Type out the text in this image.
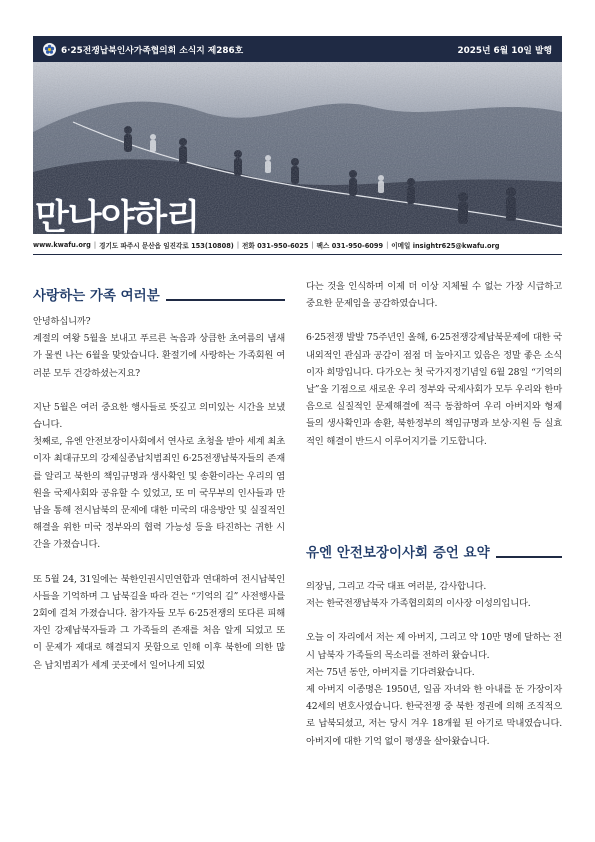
6·25전쟁납북인사가족협의회 소식지 제286호	2025년 6월 10일 발행
만나야하리
www.kwafu.org | 경기도 파주시 문산읍 임진각로 153(10808) | 전화 031-950-6025 | 팩스 031-950-6099 | 이메일 insightr625@kwafu.org
사랑하는 가족 여러분

안녕하십니까?

계절의 여왕 5월을 보내고 푸르른 녹음과 상큼한 초여름의 냄새가 물씬 나는 6월을 맞았습니다. 환절기에 사랑하는 가족회원 여러분 모두 건강하셨는지요?

지난 5월은 여러 중요한 행사들로 뜻깊고 의미있는 시간을 보냈습니다.

첫째로, 유엔 안전보장이사회에서 연사로 초청을 받아 세계 최초이자 최대규모의 강제실종납치범죄인 6·25전쟁납북자들의 존재를 알리고 북한의 책임규명과 생사확인 및 송환이라는 우리의 염원을 국제사회와 공유할 수 있었고, 또 미 국무부의 인사들과 만남을 통해 전시납북의 문제에 대한 미국의 대응방안 및 실질적인 해결을 위한 미국 정부와의 협력 가능성 등을 타진하는 귀한 시간을 가졌습니다.

또 5월 24, 31일에는 북한인권시민연합과 연대하여 전시납북인사들을 기억하며 그 납북길을 따라 걷는 “기억의 길” 사전행사를 2회에 걸쳐 가졌습니다. 참가자들 모두 6·25전쟁의 또다른 피해자인 강제납북자들과 그 가족들의 존재를 처음 알게 되었고 또 이 문제가 제대로 해결되지 못함으로 인해 이후 북한에 의한 많은 납치범죄가 세계 곳곳에서 일어나게 되었

다는 것을 인식하며 이제 더 이상 지체될 수 없는 가장 시급하고 중요한 문제임을 공감하였습니다.

6·25전쟁 발발 75주년인 올해, 6·25전쟁강제납북문제에 대한 국내외적인 관심과 공감이 점점 더 높아지고 있음은 정말 좋은 소식이자 희망입니다. 다가오는 첫 국가지정기념일 6월 28일 “기억의 날”을 기점으로 새로운 우리 정부와 국제사회가 모두 우리와 한마음으로 실질적인 문제해결에 적극 동참하여 우리 아버지와 형제들의 생사확인과 송환, 북한정부의 책임규명과 보상·지원 등 실효적인 해결이 반드시 이루어지기를 기도합니다.

유엔 안전보장이사회 증언 요약

의장님, 그리고 각국 대표 여러분, 감사합니다.

저는 한국전쟁납북자 가족협의회의 이사장 이성의입니다.

오늘 이 자리에서 저는 제 아버지, 그리고 약 10만 명에 달하는 전시 납북자 가족들의 목소리를 전하러 왔습니다.

저는 75년 동안, 아버지를 기다려왔습니다.

제 아버지 이종명은 1950년, 일곱 자녀와 한 아내를 둔 가장이자 42세의 변호사였습니다. 한국전쟁 중 북한 정권에 의해 조직적으로 납북되셨고, 저는 당시 겨우 18개월 된 아기로 막내였습니다. 아버지에 대한 기억 없이 평생을 살아왔습니다.
